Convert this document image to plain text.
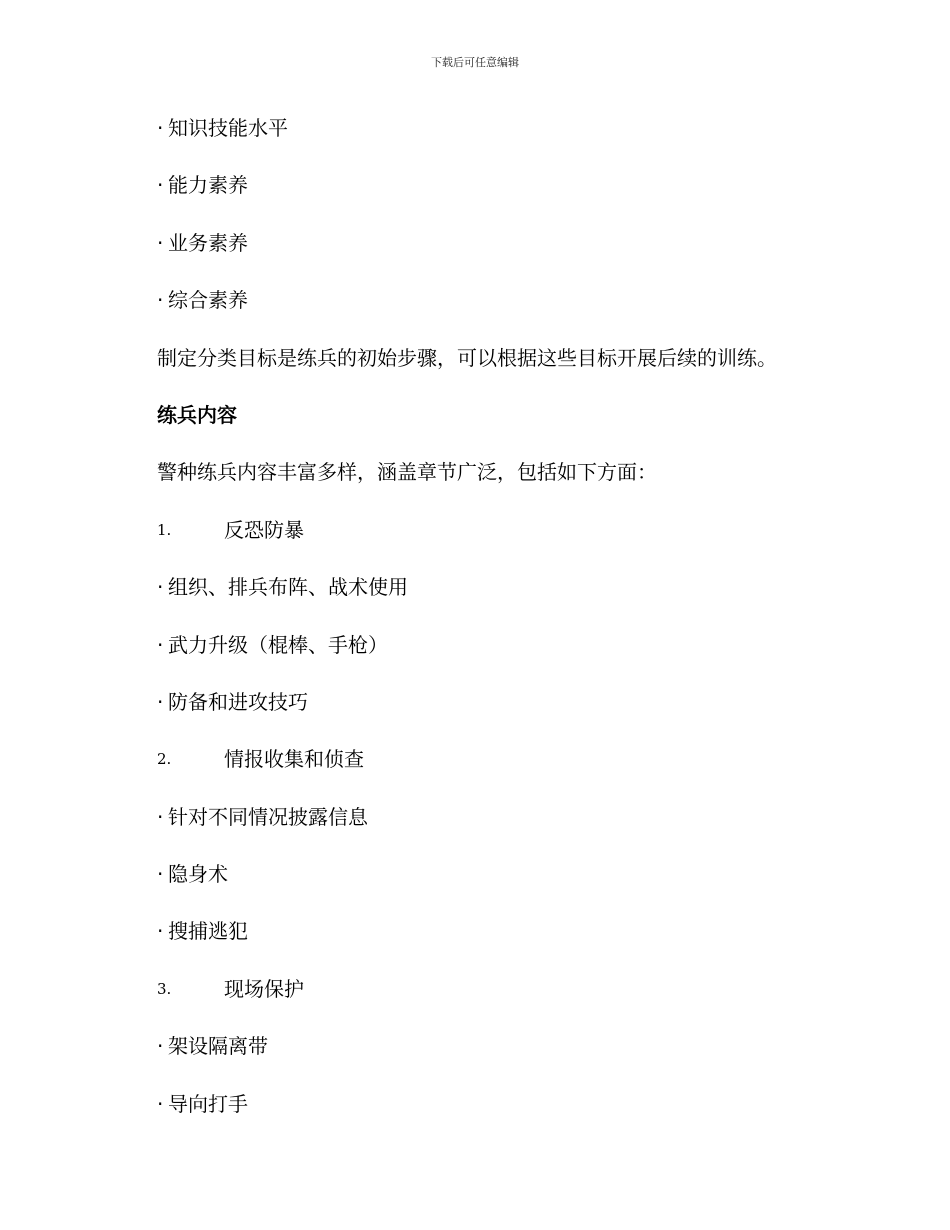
下载后可任意编辑
· 知识技能水平
· 能力素养
· 业务素养
· 综合素养
制定分类目标是练兵的初始步骤，可以根据这些目标开展后续的训练。
练兵内容
警种练兵内容丰富多样，涵盖章节广泛，包括如下方面：
1.	反恐防暴
· 组织、排兵布阵、战术使用
· 武力升级（棍棒、手枪）
· 防备和进攻技巧
2.	情报收集和侦查
· 针对不同情况披露信息
· 隐身术
· 搜捕逃犯
3.	现场保护
· 架设隔离带
· 导向打手
